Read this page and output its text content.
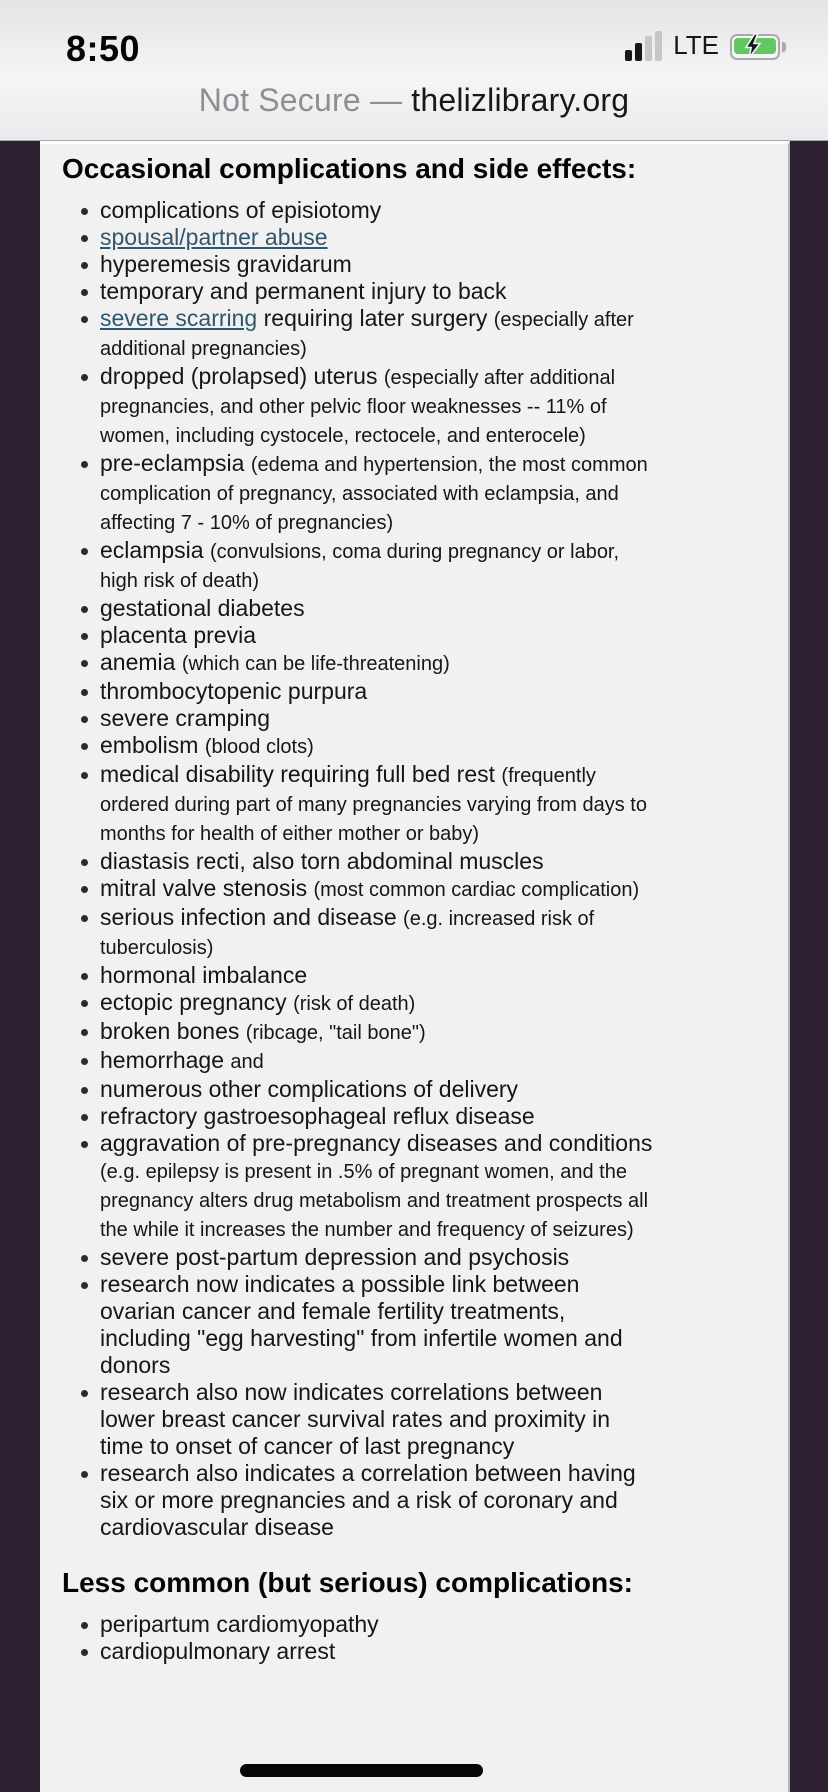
8:50	LTE
Not Secure — thelizlibrary.org
Occasional complications and side effects:
complications of episiotomy
spousal/partner abuse
hyperemesis gravidarum
temporary and permanent injury to back
severe scarring requiring later surgery (especially after additional pregnancies)
dropped (prolapsed) uterus (especially after additional pregnancies, and other pelvic floor weaknesses -- 11% of women, including cystocele, rectocele, and enterocele)
pre-eclampsia (edema and hypertension, the most common complication of pregnancy, associated with eclampsia, and affecting 7 - 10% of pregnancies)
eclampsia (convulsions, coma during pregnancy or labor, high risk of death)
gestational diabetes
placenta previa
anemia (which can be life-threatening)
thrombocytopenic purpura
severe cramping
embolism (blood clots)
medical disability requiring full bed rest (frequently ordered during part of many pregnancies varying from days to months for health of either mother or baby)
diastasis recti, also torn abdominal muscles
mitral valve stenosis (most common cardiac complication)
serious infection and disease (e.g. increased risk of tuberculosis)
hormonal imbalance
ectopic pregnancy (risk of death)
broken bones (ribcage, "tail bone")
hemorrhage and
numerous other complications of delivery
refractory gastroesophageal reflux disease
aggravation of pre-pregnancy diseases and conditions (e.g. epilepsy is present in .5% of pregnant women, and the pregnancy alters drug metabolism and treatment prospects all the while it increases the number and frequency of seizures)
severe post-partum depression and psychosis
research now indicates a possible link between ovarian cancer and female fertility treatments, including "egg harvesting" from infertile women and donors
research also now indicates correlations between lower breast cancer survival rates and proximity in time to onset of cancer of last pregnancy
research also indicates a correlation between having six or more pregnancies and a risk of coronary and cardiovascular disease
Less common (but serious) complications:
peripartum cardiomyopathy
cardiopulmonary arrest
